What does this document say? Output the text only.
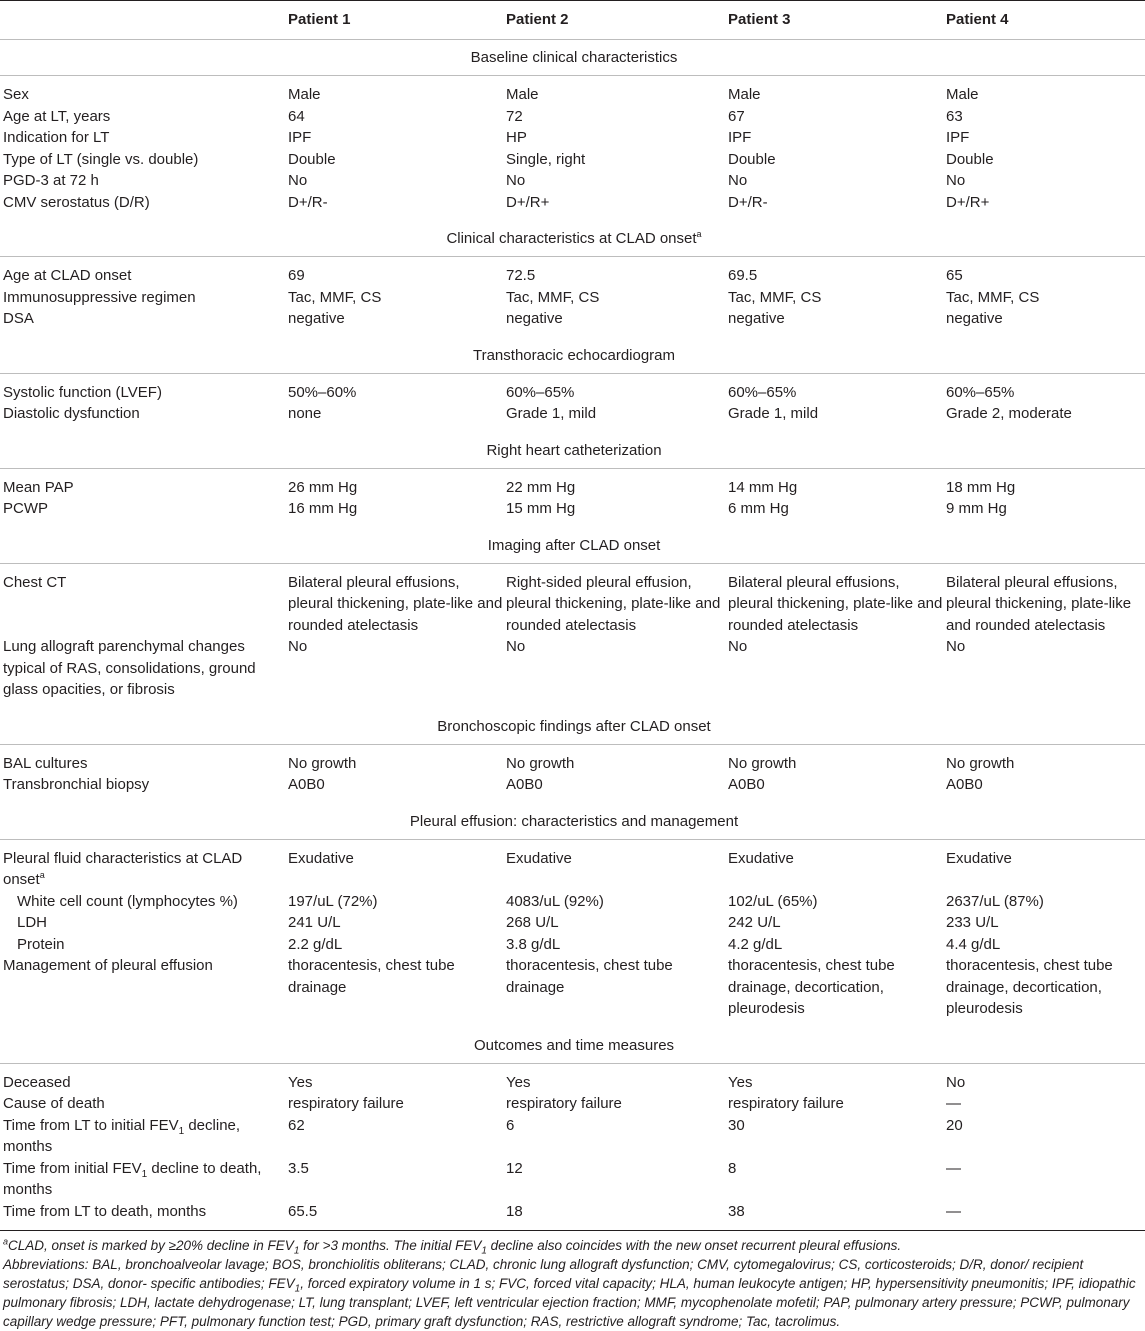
	Patient 1	Patient 2	Patient 3	Patient 4
Baseline clinical characteristics				
Sex	Male	Male	Male	Male
Age at LT, years	64	72	67	63
Indication for LT	IPF	HP	IPF	IPF
Type of LT (single vs. double)	Double	Single, right	Double	Double
PGD-3 at 72 h	No	No	No	No
CMV serostatus (D/R)	D+/R-	D+/R+	D+/R-	D+/R+
Clinical characteristics at CLAD onset$^a$
Age at CLAD onset	69	72.5	69.5	65
Immunosuppressive regimen	Tac, MMF, CS	Tac, MMF, CS	Tac, MMF, CS	Tac, MMF, CS
DSA	negative	negative	negative	negative
Transthoracic echocardiogram				
Systolic function (LVEF)	50%–60%	60%–65%	60%–65%	60%–65%
Diastolic dysfunction	none	Grade 1, mild	Grade 1, mild	Grade 2, moderate
Right heart catheterization				
Mean PAP	26 mm Hg	22 mm Hg	14 mm Hg	18 mm Hg
PCWP	16 mm Hg	15 mm Hg	6 mm Hg	9 mm Hg
Imaging after CLAD onset				
Chest CT	Bilateral pleural effusions, pleural thickening, plate-like and rounded atelectasis	Right-sided pleural effusion, pleural thickening, plate-like and rounded atelectasis	Bilateral pleural effusions, pleural thickening, plate-like and rounded atelectasis	Bilateral pleural effusions, pleural thickening, plate-like and rounded atelectasis
Lung allograft parenchymal changes typical of RAS, consolidations, ground glass opacities, or fibrosis	No	No	No	No
Bronchoscopic findings after CLAD onset				
BAL cultures	No growth	No growth	No growth	No growth
Transbronchial biopsy	A0B0	A0B0	A0B0	A0B0
Pleural effusion: characteristics and management				
Pleural fluid characteristics at CLAD onset$^a$	Exudative	Exudative	Exudative	Exudative
White cell count (lymphocytes %)	197/uL (72%)	4083/uL (92%)	102/uL (65%)	2637/uL (87%)
LDH	241 U/L	268 U/L	242 U/L	233 U/L
Protein	2.2 g/dL	3.8 g/dL	4.2 g/dL	4.4 g/dL
Management of pleural effusion	thoracentesis, chest tube drainage	thoracentesis, chest tube drainage	thoracentesis, chest tube drainage, decortication, pleurodesis	thoracentesis, chest tube drainage, decortication, pleurodesis
Outcomes and time measures				
Deceased	Yes	Yes	Yes	No
Cause of death	respiratory failure	respiratory failure	respiratory failure	—
Time from LT to initial $FEV_1$ decline, months	62	6	30	20
Time from initial $FEV_1$ decline to death, months	3.5	12	8	—
Time from LT to death, months	65.5	18	38	—

$^a$CLAD, onset is marked by ≥20% decline in $FEV_1$ for >3 months. The initial $FEV_1$ decline also coincides with the new onset recurrent pleural effusions.

Abbreviations: BAL, bronchoalveolar lavage; BOS, bronchiolitis obliterans; CLAD, chronic lung allograft dysfunction; CMV, cytomegalovirus; CS, corticosteroids; D/R, donor/ recipient serostatus; DSA, donor- specific antibodies; $FEV_1$, forced expiratory volume in 1 s; FVC, forced vital capacity; HLA, human leukocyte antigen; HP, hypersensitivity pneumonitis; IPF, idiopathic pulmonary fibrosis; LDH, lactate dehydrogenase; LT, lung transplant; LVEF, left ventricular ejection fraction; MMF, mycophenolate mofetil; PAP, pulmonary artery pressure; PCWP, pulmonary capillary wedge pressure; PFT, pulmonary function test; PGD, primary graft dysfunction; RAS, restrictive allograft syndrome; Tac, tacrolimus.
